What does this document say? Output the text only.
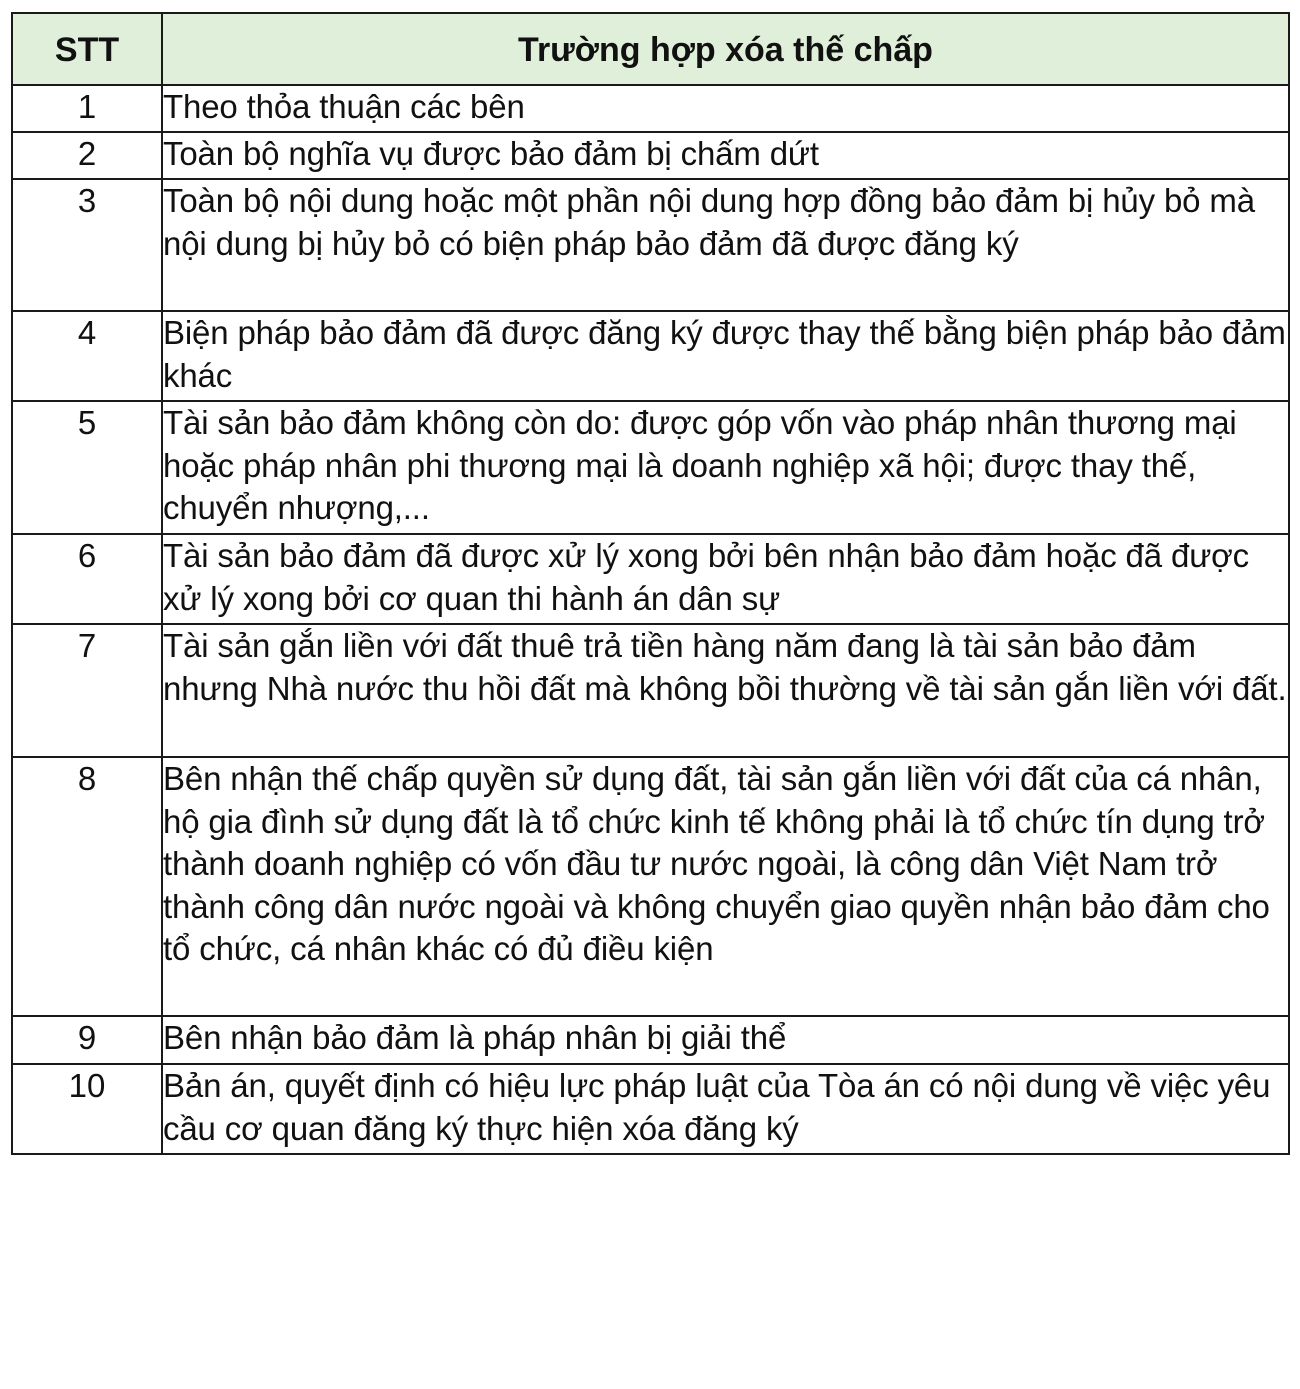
STT	Trường hợp xóa thế chấp
1	Theo thỏa thuận các bên
2	Toàn bộ nghĩa vụ được bảo đảm bị chấm dứt
3	Toàn bộ nội dung hoặc một phần nội dung hợp đồng bảo đảm bị hủy bỏ mà nội dung bị hủy bỏ có biện pháp bảo đảm đã được đăng ký
4	Biện pháp bảo đảm đã được đăng ký được thay thế bằng biện pháp bảo đảm khác
5	Tài sản bảo đảm không còn do: được góp vốn vào pháp nhân thương mại hoặc pháp nhân phi thương mại là doanh nghiệp xã hội; được thay thế, chuyển nhượng,...
6	Tài sản bảo đảm đã được xử lý xong bởi bên nhận bảo đảm hoặc đã được xử lý xong bởi cơ quan thi hành án dân sự
7	Tài sản gắn liền với đất thuê trả tiền hàng năm đang là tài sản bảo đảm nhưng Nhà nước thu hồi đất mà không bồi thường về tài sản gắn liền với đất.
8	Bên nhận thế chấp quyền sử dụng đất, tài sản gắn liền với đất của cá nhân, hộ gia đình sử dụng đất là tổ chức kinh tế không phải là tổ chức tín dụng trở thành doanh nghiệp có vốn đầu tư nước ngoài, là công dân Việt Nam trở thành công dân nước ngoài và không chuyển giao quyền nhận bảo đảm cho tổ chức, cá nhân khác có đủ điều kiện
9	Bên nhận bảo đảm là pháp nhân bị giải thể
10	Bản án, quyết định có hiệu lực pháp luật của Tòa án có nội dung về việc yêu cầu cơ quan đăng ký thực hiện xóa đăng ký
